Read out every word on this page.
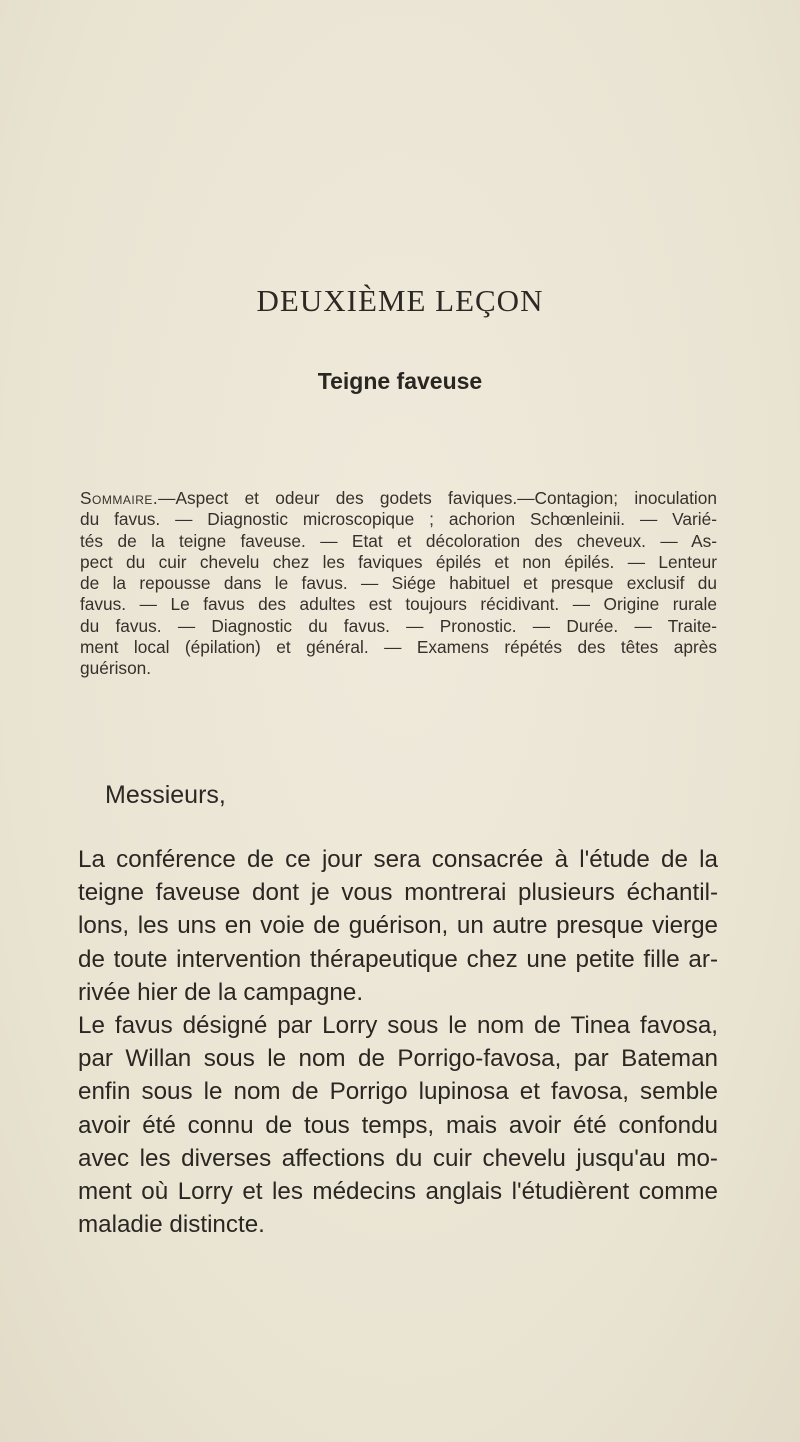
DEUXIÈME LEÇON
Teigne faveuse
Sommaire.—Aspect et odeur des godets faviques.—Contagion; inoculation
du favus. — Diagnostic microscopique ; achorion Schœnleinii. — Varié-
tés de la teigne faveuse. — Etat et décoloration des cheveux. — As-
pect du cuir chevelu chez les faviques épilés et non épilés. — Lenteur
de la repousse dans le favus. — Siége habituel et presque exclusif du
favus. — Le favus des adultes est toujours récidivant. — Origine rurale
du favus. — Diagnostic du favus. — Pronostic. — Durée. — Traite-
ment local (épilation) et général. — Examens répétés des têtes après
guérison.

Messieurs,

La conférence de ce jour sera consacrée à l'étude de la
teigne faveuse dont je vous montrerai plusieurs échantil-
lons, les uns en voie de guérison, un autre presque vierge
de toute intervention thérapeutique chez une petite fille ar-
rivée hier de la campagne.
Le favus désigné par Lorry sous le nom de Tinea favosa,
par Willan sous le nom de Porrigo-favosa, par Bateman
enfin sous le nom de Porrigo lupinosa et favosa, semble
avoir été connu de tous temps, mais avoir été confondu
avec les diverses affections du cuir chevelu jusqu'au mo-
ment où Lorry et les médecins anglais l'étudièrent comme
maladie distincte.
